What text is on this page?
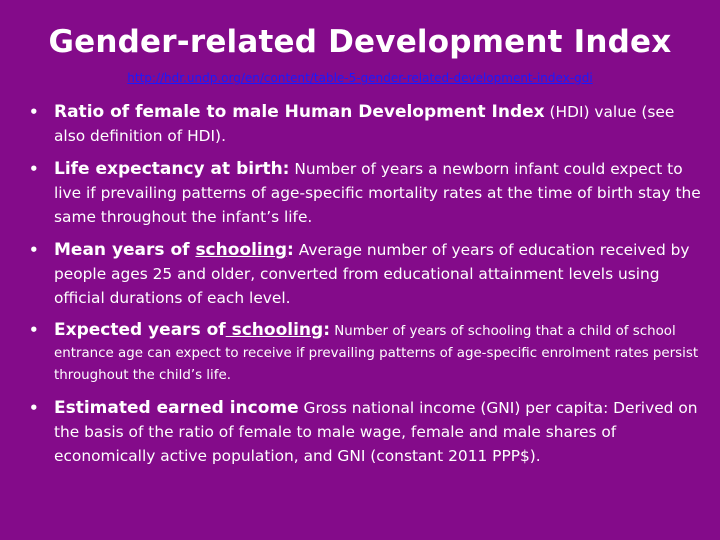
Gender-related Development Index
http://hdr.undp.org/en/content/table-5-gender-related-development-index-gdi
• Ratio of female to male Human Development Index (HDI) value (see also definition of HDI).
• Life expectancy at birth: Number of years a newborn infant could expect to live if prevailing patterns of age-specific mortality rates at the time of birth stay the same throughout the infant’s life.
• Mean years of schooling: Average number of years of education received by people ages 25 and older, converted from educational attainment levels using official durations of each level.
• Expected years of schooling: Number of years of schooling that a child of school entrance age can expect to receive if prevailing patterns of age-specific enrolment rates persist throughout the child’s life.
• Estimated earned income Gross national income (GNI) per capita: Derived on the basis of the ratio of female to male wage, female and male shares of economically active population, and GNI (constant 2011 PPP$).
